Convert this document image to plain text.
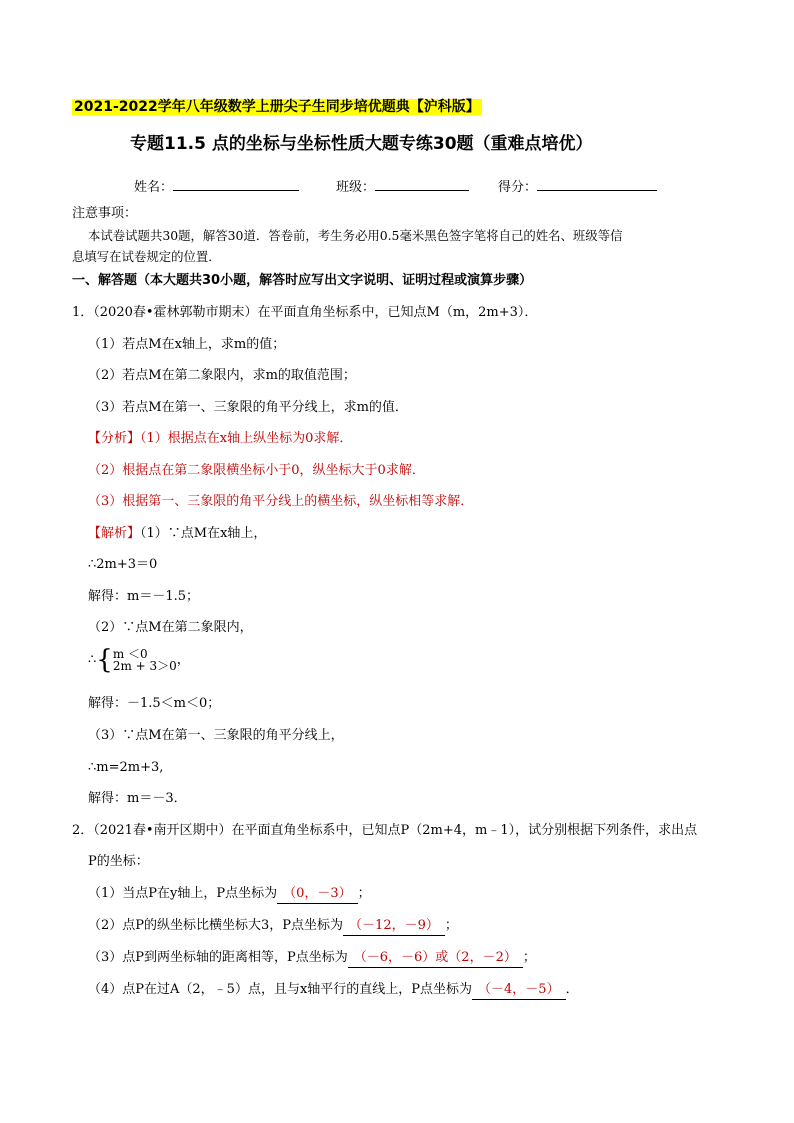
2021-2022学年八年级数学上册尖子生同步培优题典【沪科版】
专题11.5 点的坐标与坐标性质大题专练30题（重难点培优）
姓名：	班级：	得分：
注意事项：
本试卷试题共30题，解答30道．答卷前，考生务必用0.5毫米黑色签字笔将自己的姓名、班级等信
息填写在试卷规定的位置．
一、解答题（本大题共30小题，解答时应写出文字说明、证明过程或演算步骤）
1．（2020春•霍林郭勒市期末）在平面直角坐标系中，已知点M（m，2m+3）．
（1）若点M在x轴上，求m的值；
（2）若点M在第二象限内，求m的取值范围；
（3）若点M在第一、三象限的角平分线上，求m的值．
【分析】（1）根据点在x轴上纵坐标为0求解．
（2）根据点在第二象限横坐标小于0，纵坐标大于0求解．
（3）根据第一、三象限的角平分线上的横坐标，纵坐标相等求解．
【解析】（1）∵点M在x轴上，
∴2m+3＝0
解得：m＝－1.5；
（2）∵点M在第二象限内，
∴{m ＜0
2m + 3＞0，
解得：－1.5＜m＜0；
（3）∵点M在第一、三象限的角平分线上，
∴m=2m+3,
解得：m＝－3．
2．（2021春•南开区期中）在平面直角坐标系中，已知点P（2m+4，m﹣1），试分别根据下列条件，求出点
P的坐标：
（1）当点P在y轴上，P点坐标为 （0，－3） ；
（2）点P的纵坐标比横坐标大3，P点坐标为 （－12，－9） ；
（3）点P到两坐标轴的距离相等，P点坐标为 （－6，－6）或（2，－2） ；
（4）点P在过A（2，﹣5）点，且与x轴平行的直线上，P点坐标为 （－4，－5） ．
